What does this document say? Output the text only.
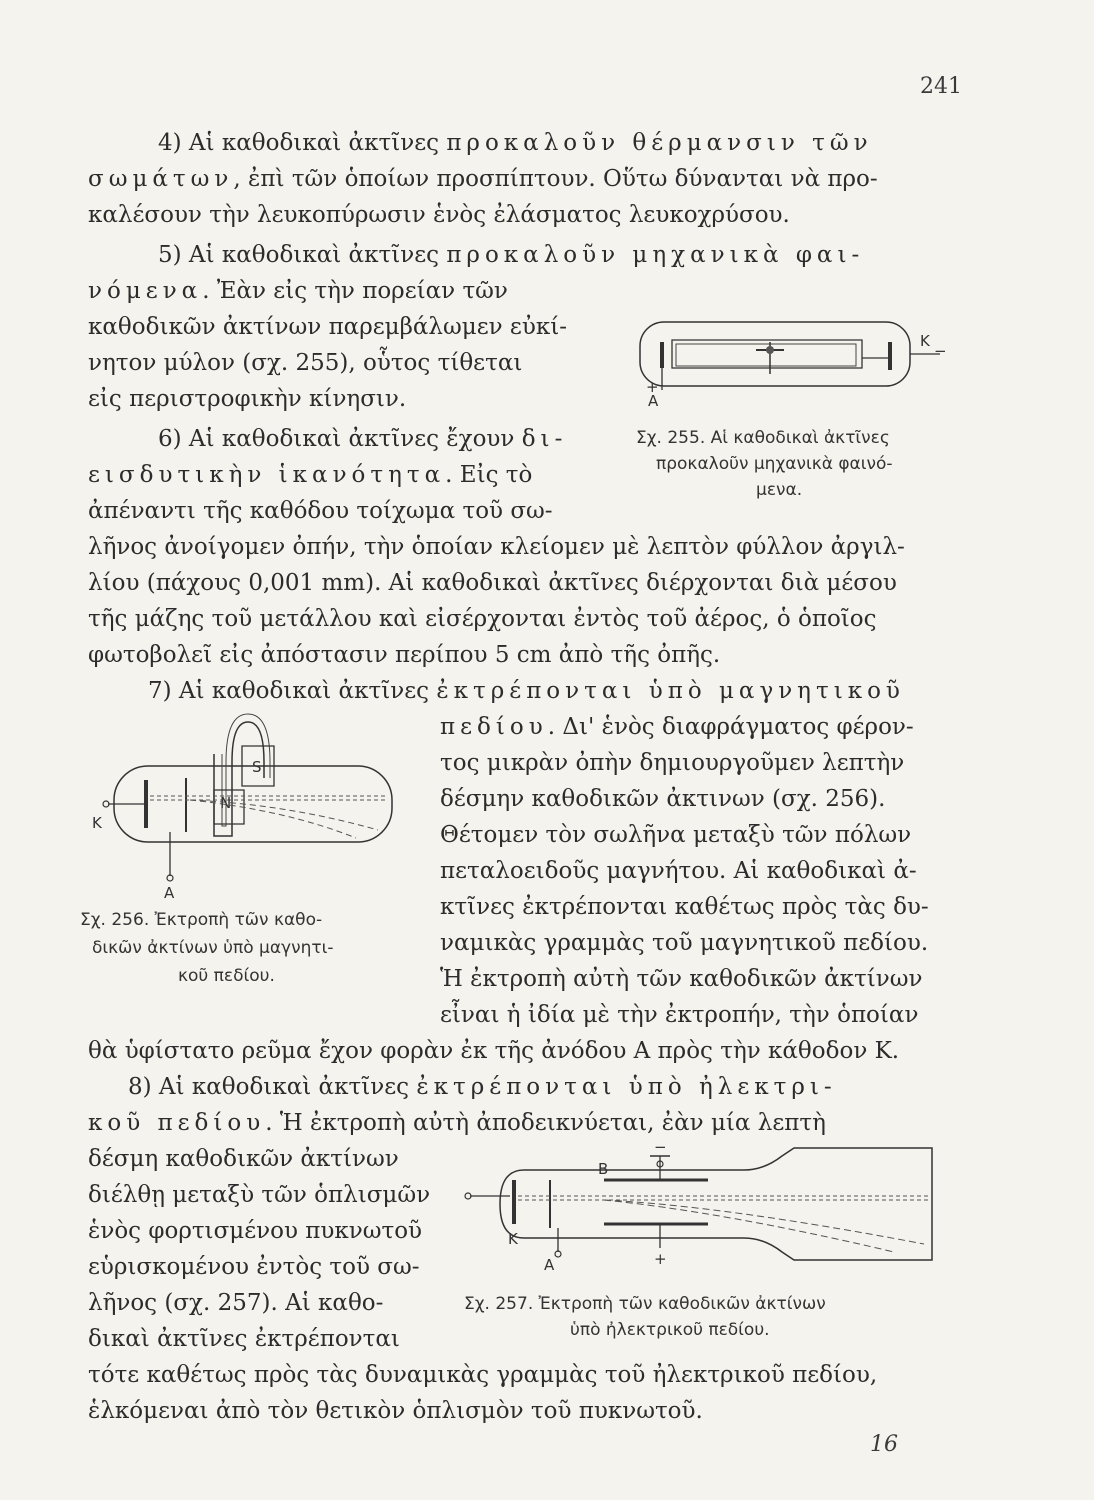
241
4) Αἱ καθοδικαὶ ἀκτῖνες προκαλοῦν θέρμανσιν τῶν
σωμάτων, ἐπὶ τῶν ὁποίων προσπίπτουν. Οὕτω δύνανται νὰ προ-
καλέσουν τὴν λευκοπύρωσιν ἑνὸς ἐλάσματος λευκοχρύσου.
5) Αἱ καθοδικαὶ ἀκτῖνες προκαλοῦν μηχανικὰ φαι-
νόμενα. Ἐὰν εἰς τὴν πορείαν τῶν
καθοδικῶν ἀκτίνων παρεμβάλωμεν εὐκί-
νητον μύλον (σχ. 255), οὗτος τίθεται
εἰς περιστροφικὴν κίνησιν.
K
−
+
A
Σχ. 255. Αἱ καθοδικαὶ ἀκτῖνες
προκαλοῦν μηχανικὰ φαινό-
μενα.
6) Αἱ καθοδικαὶ ἀκτῖνες ἔχουν δι-
εισδυτικὴν ἱκανότητα. Εἰς τὸ
ἀπέναντι τῆς καθόδου τοίχωμα τοῦ σω-
λῆνος ἀνοίγομεν ὀπήν, τὴν ὁποίαν κλείομεν μὲ λεπτὸν φύλλον ἀργιλ-
λίου (πάχους 0,001 mm). Αἱ καθοδικαὶ ἀκτῖνες διέρχονται διὰ μέσου
τῆς μάζης τοῦ μετάλλου καὶ εἰσέρχονται ἐντὸς τοῦ ἀέρος, ὁ ὁποῖος
φωτοβολεῖ εἰς ἀπόστασιν περίπου 5 cm ἀπὸ τῆς ὀπῆς.
7) Αἱ καθοδικαὶ ἀκτῖνες ἐκτρέπονται ὑπὸ μαγνητικοῦ
πεδίου. Δι' ἑνὸς διαφράγματος φέρον-
τος μικρὰν ὀπὴν δημιουργοῦμεν λεπτὴν
δέσμην καθοδικῶν ἀκτινων (σχ. 256).
Θέτομεν τὸν σωλῆνα μεταξὺ τῶν πόλων
πεταλοειδοῦς μαγνήτου. Αἱ καθοδικαὶ ἀ-
κτῖνες ἐκτρέπονται καθέτως πρὸς τὰς δυ-
ναμικὰς γραμμὰς τοῦ μαγνητικοῦ πεδίου.
Ἡ ἐκτροπὴ αὐτὴ τῶν καθοδικῶν ἀκτίνων
εἶναι ἡ ἰδία μὲ τὴν ἐκτροπήν, τὴν ὁποίαν
θὰ ὑφίστατο ρεῦμα ἔχον φορὰν ἐκ τῆς ἀνόδου Α πρὸς τὴν κάθοδον Κ.
S
N
K
A
Σχ. 256. Ἐκτροπὴ τῶν καθο-
δικῶν ἀκτίνων ὑπὸ μαγνητι-
κοῦ πεδίου.
8) Αἱ καθοδικαὶ ἀκτῖνες ἐκτρέπονται ὑπὸ ἠλεκτρι-
κοῦ πεδίου. Ἡ ἐκτροπὴ αὐτὴ ἀποδεικνύεται, ἐὰν μία λεπτὴ
δέσμη καθοδικῶν ἀκτίνων
διέλθῃ μεταξὺ τῶν ὁπλισμῶν
ἑνὸς φορτισμένου πυκνωτοῦ
εὑρισκομένου ἐντὸς τοῦ σω-
λῆνος (σχ. 257). Αἱ καθο-
δικαὶ ἀκτῖνες ἐκτρέπονται
τότε καθέτως πρὸς τὰς δυναμικὰς γραμμὰς τοῦ ἠλεκτρικοῦ πεδίου,
ἑλκόμεναι ἀπὸ τὸν θετικὸν ὁπλισμὸν τοῦ πυκνωτοῦ.
B
−
K
A	+
Σχ. 257. Ἐκτροπὴ τῶν καθοδικῶν ἀκτίνων
ὑπὸ ἠλεκτρικοῦ πεδίου.
16
